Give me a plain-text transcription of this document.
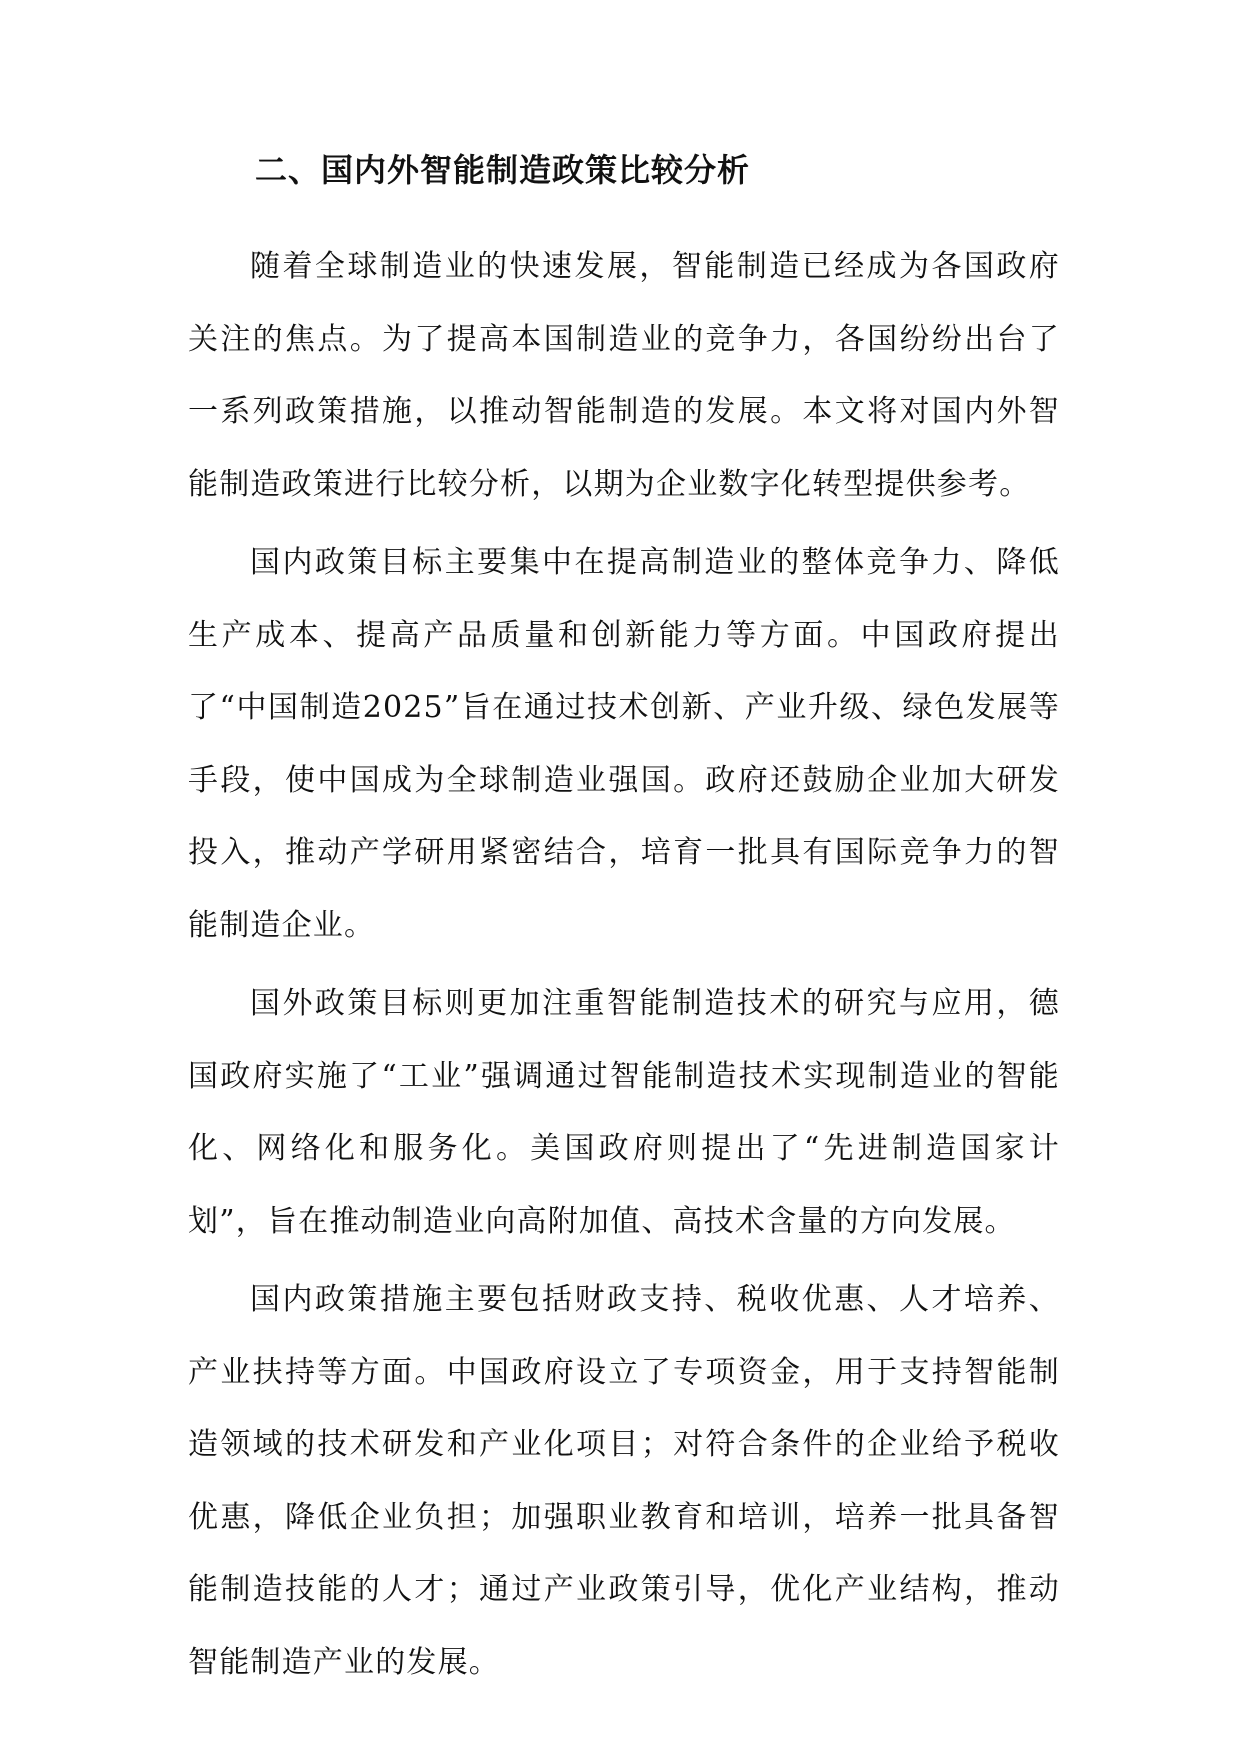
二、国内外智能制造政策比较分析

随着全球制造业的快速发展，智能制造已经成为各国政府关注的焦点。为了提高本国制造业的竞争力，各国纷纷出台了一系列政策措施，以推动智能制造的发展。本文将对国内外智能制造政策进行比较分析，以期为企业数字化转型提供参考。

国内政策目标主要集中在提高制造业的整体竞争力、降低生产成本、提高产品质量和创新能力等方面。中国政府提出了“中国制造2025”旨在通过技术创新、产业升级、绿色发展等手段，使中国成为全球制造业强国。政府还鼓励企业加大研发投入，推动产学研用紧密结合，培育一批具有国际竞争力的智能制造企业。

国外政策目标则更加注重智能制造技术的研究与应用，德国政府实施了“工业”强调通过智能制造技术实现制造业的智能化、网络化和服务化。美国政府则提出了“先进制造国家计划”，旨在推动制造业向高附加值、高技术含量的方向发展。

国内政策措施主要包括财政支持、税收优惠、人才培养、产业扶持等方面。中国政府设立了专项资金，用于支持智能制造领域的技术研发和产业化项目；对符合条件的企业给予税收优惠，降低企业负担；加强职业教育和培训，培养一批具备智能制造技能的人才；通过产业政策引导，优化产业结构，推动智能制造产业的发展。
